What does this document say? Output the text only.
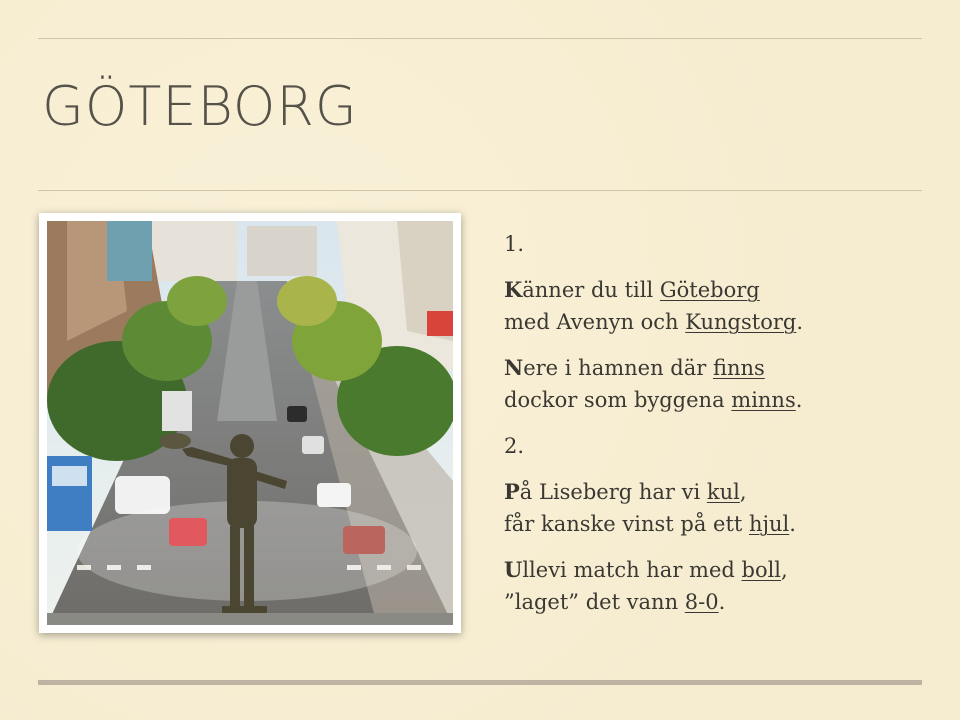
GÖTEBORG
1.
Känner du till Göteborg
med Avenyn och Kungstorg.
Nere i hamnen där finns
dockor som byggena minns.
2.
På Liseberg har vi kul,
får kanske vinst på ett hjul.
Ullevi match har med boll,
”laget” det vann 8-0.
